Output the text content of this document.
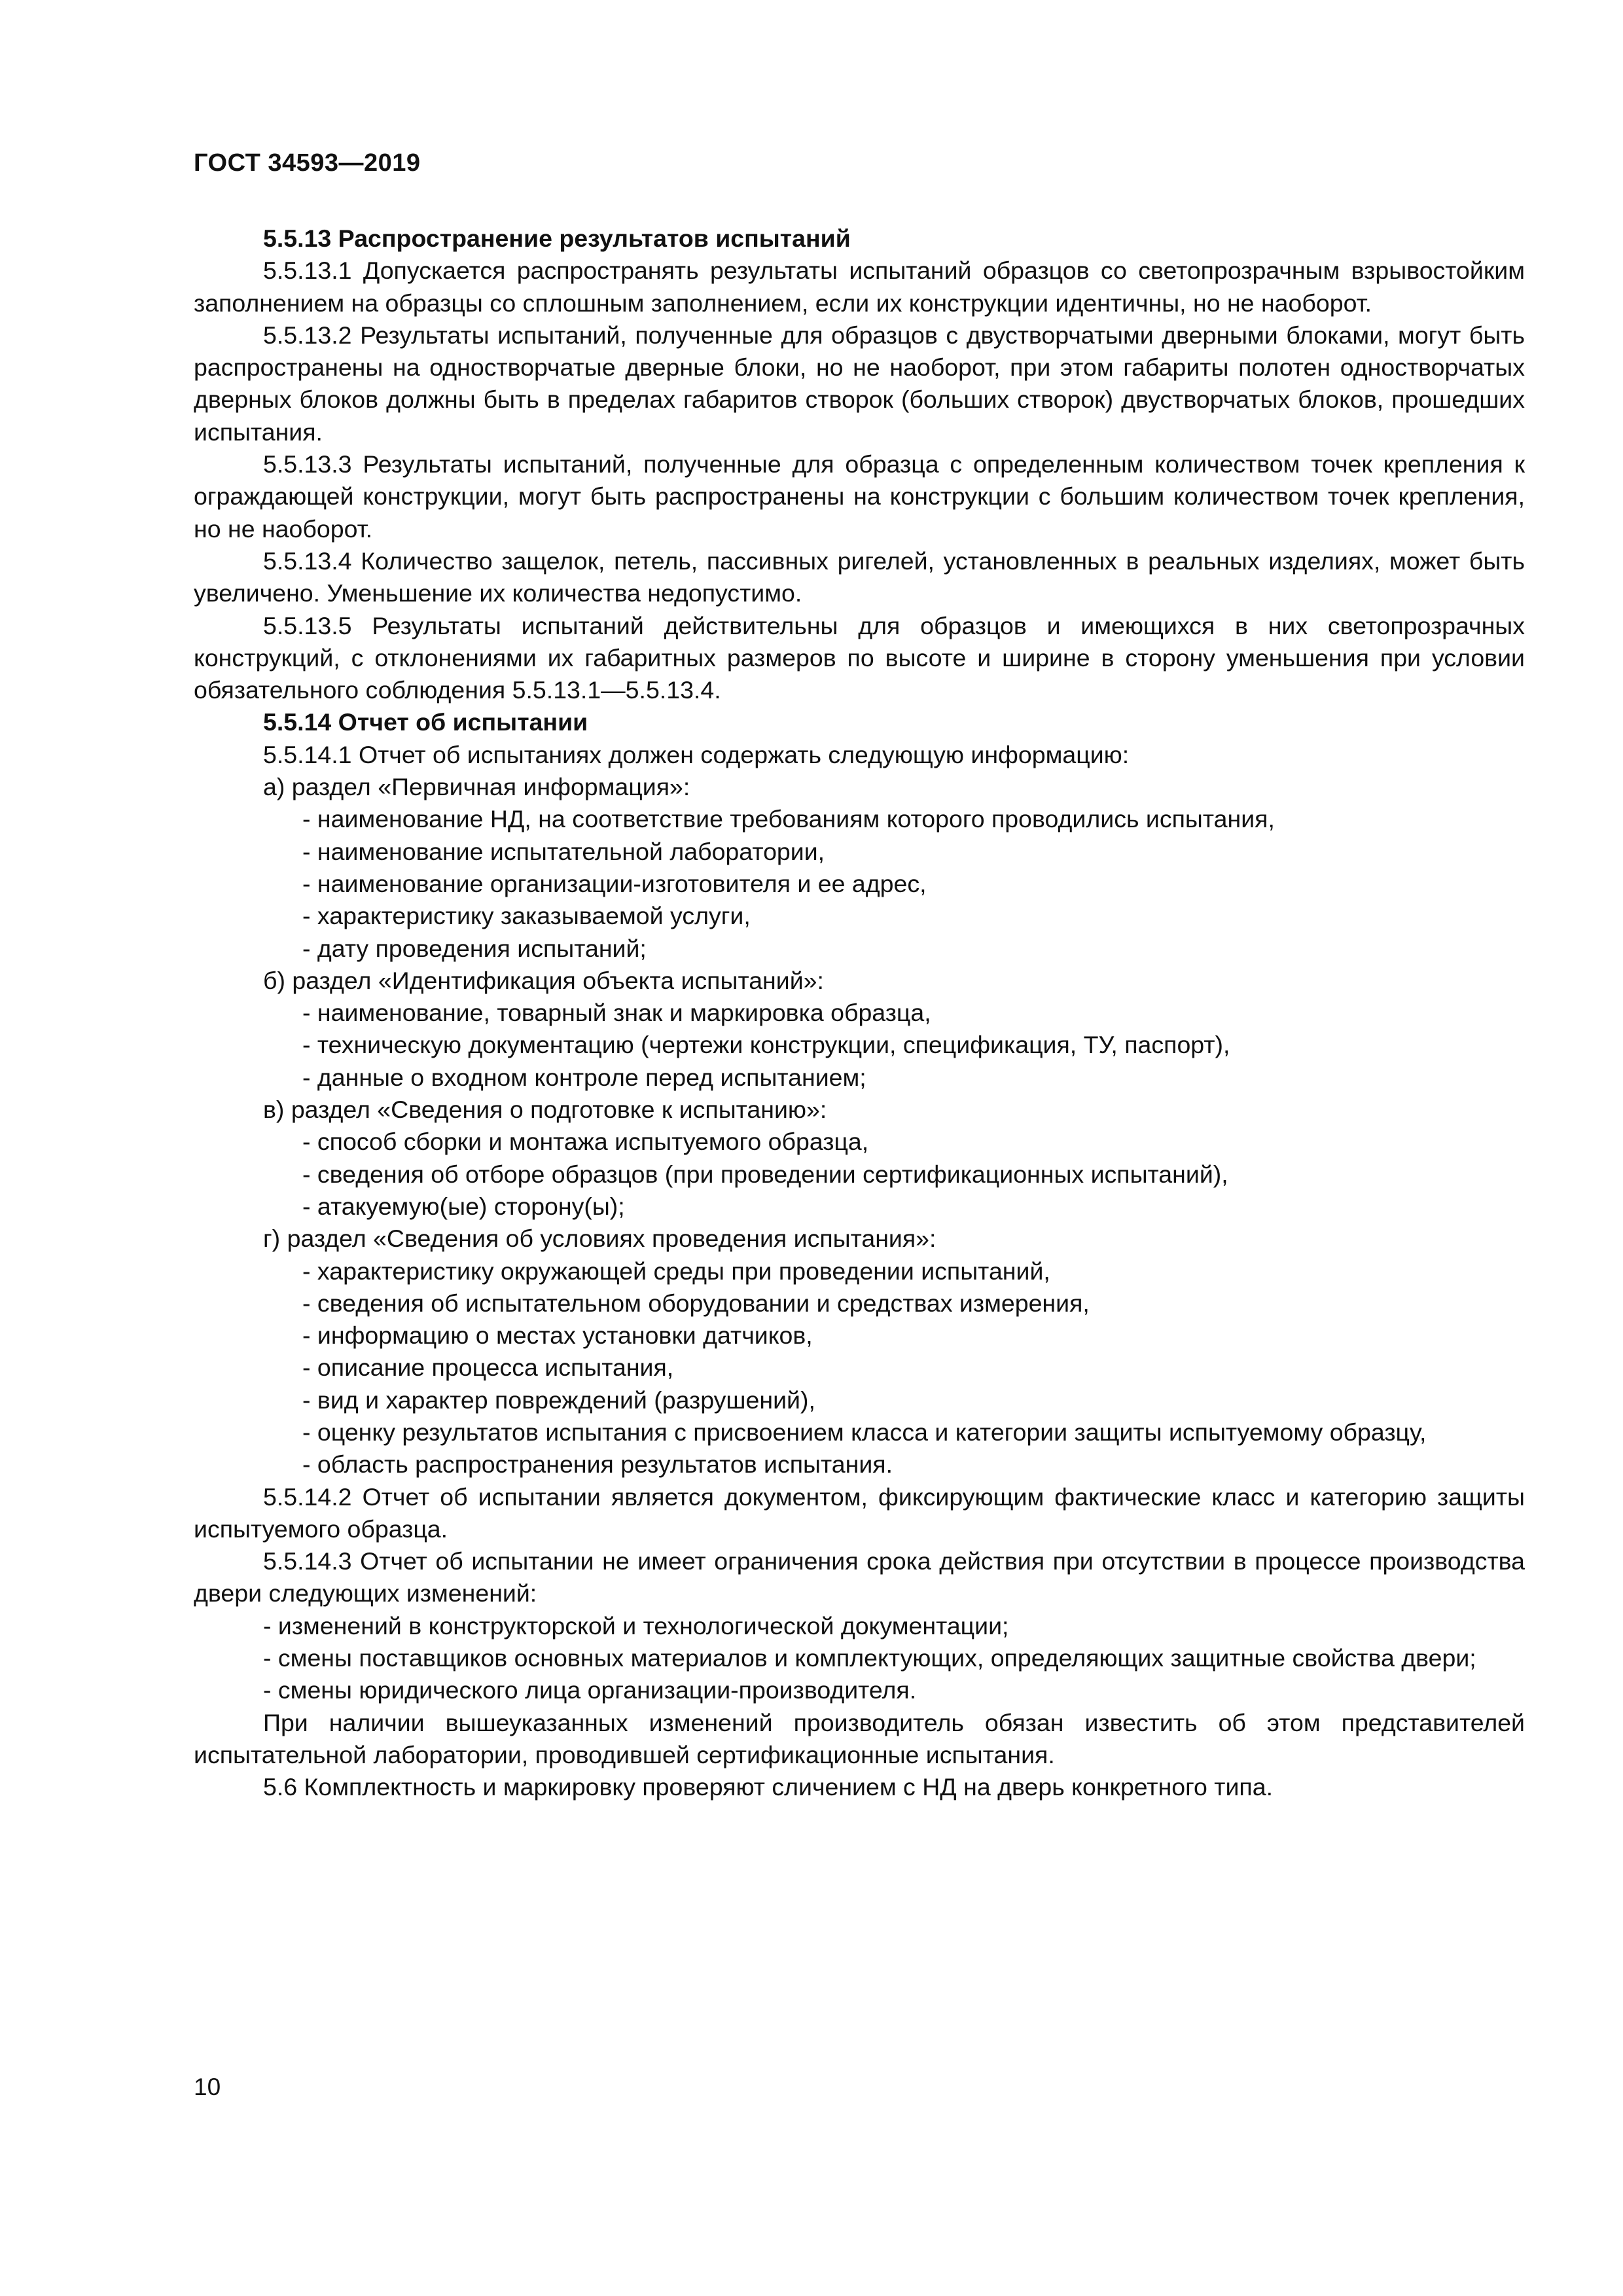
ГОСТ 34593—2019

5.5.13 Распространение результатов испытаний

5.5.13.1 Допускается распространять результаты испытаний образцов со светопрозрачным взрывостойким заполнением на образцы со сплошным заполнением, если их конструкции идентичны, но не наоборот.

5.5.13.2 Результаты испытаний, полученные для образцов с двустворчатыми дверными блоками, могут быть распространены на одностворчатые дверные блоки, но не наоборот, при этом габариты полотен одностворчатых дверных блоков должны быть в пределах габаритов створок (больших створок) двустворчатых блоков, прошедших испытания.

5.5.13.3 Результаты испытаний, полученные для образца с определенным количеством точек крепления к ограждающей конструкции, могут быть распространены на конструкции с большим количеством точек крепления, но не наоборот.

5.5.13.4 Количество защелок, петель, пассивных ригелей, установленных в реальных изделиях, может быть увеличено. Уменьшение их количества недопустимо.

5.5.13.5 Результаты испытаний действительны для образцов и имеющихся в них светопрозрачных конструкций, с отклонениями их габаритных размеров по высоте и ширине в сторону уменьшения при условии обязательного соблюдения 5.5.13.1—5.5.13.4.

5.5.14 Отчет об испытании

5.5.14.1 Отчет об испытаниях должен содержать следующую информацию:

а) раздел «Первичная информация»:

- наименование НД, на соответствие требованиям которого проводились испытания,

- наименование испытательной лаборатории,

- наименование организации-изготовителя и ее адрес,

- характеристику заказываемой услуги,

- дату проведения испытаний;

б) раздел «Идентификация объекта испытаний»:

- наименование, товарный знак и маркировка образца,

- техническую документацию (чертежи конструкции, спецификация, ТУ, паспорт),

- данные о входном контроле перед испытанием;

в) раздел «Сведения о подготовке к испытанию»:

- способ сборки и монтажа испытуемого образца,

- сведения об отборе образцов (при проведении сертификационных испытаний),

- атакуемую(ые) сторону(ы);

г) раздел «Сведения об условиях проведения испытания»:

- характеристику окружающей среды при проведении испытаний,

- сведения об испытательном оборудовании и средствах измерения,

- информацию о местах установки датчиков,

- описание процесса испытания,

- вид и характер повреждений (разрушений),

- оценку результатов испытания с присвоением класса и категории защиты испытуемому образцу,

- область распространения результатов испытания.

5.5.14.2 Отчет об испытании является документом, фиксирующим фактические класс и категорию защиты испытуемого образца.

5.5.14.3 Отчет об испытании не имеет ограничения срока действия при отсутствии в процессе производства двери следующих изменений:

- изменений в конструкторской и технологической документации;

- смены поставщиков основных материалов и комплектующих, определяющих защитные свойства двери;

- смены юридического лица организации-производителя.

При наличии вышеуказанных изменений производитель обязан известить об этом представителей испытательной лаборатории, проводившей сертификационные испытания.

5.6 Комплектность и маркировку проверяют сличением с НД на дверь конкретного типа.

10
